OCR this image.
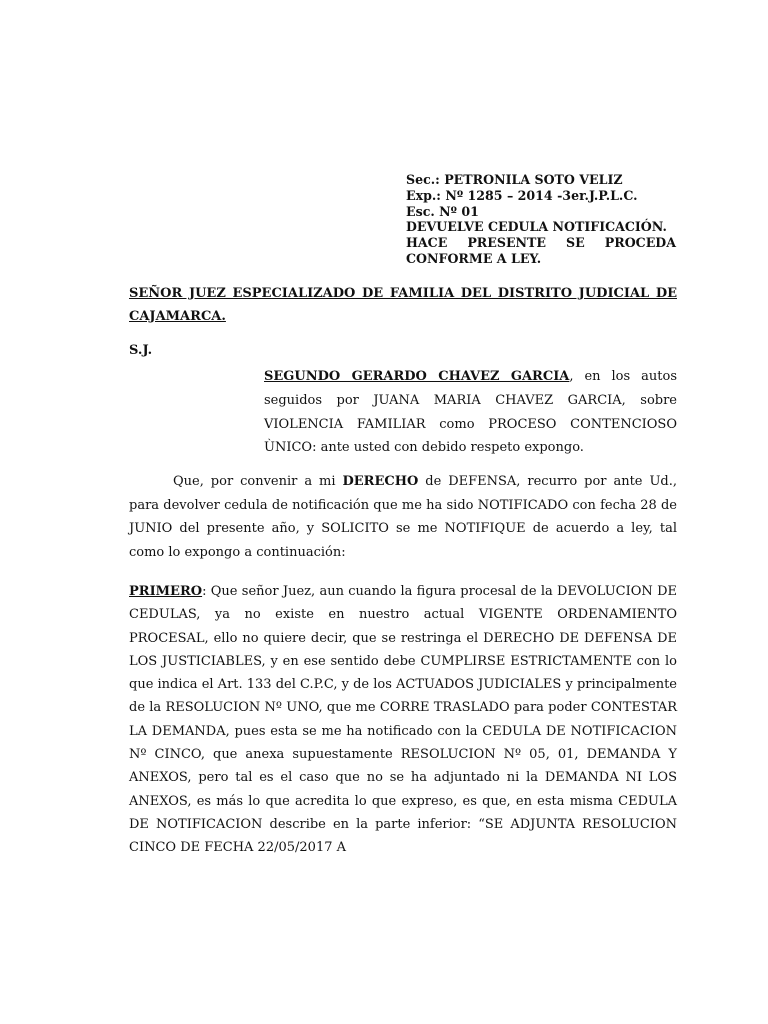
Sec.: PETRONILA SOTO VELIZ
Exp.: Nº 1285 – 2014 -3er.J.P.L.C.
Esc. Nº 01
DEVUELVE CEDULA NOTIFICACIÓN.
HACE PRESENTE SE PROCEDA CONFORME A LEY.
SEÑOR JUEZ ESPECIALIZADO DE FAMILIA DEL DISTRITO JUDICIAL DE CAJAMARCA.
S.J.
SEGUNDO GERARDO CHAVEZ GARCIA, en los autos seguidos por JUANA MARIA CHAVEZ GARCIA, sobre VIOLENCIA FAMILIAR como PROCESO CONTENCIOSO ÙNICO: ante usted con debido respeto expongo.
Que, por convenir a mi DERECHO de DEFENSA, recurro por ante Ud., para devolver cedula de notificación que me ha sido NOTIFICADO con fecha 28 de JUNIO del presente año, y SOLICITO se me NOTIFIQUE de acuerdo a ley, tal como lo expongo a continuación:
PRIMERO: Que señor Juez, aun cuando la figura procesal de la DEVOLUCION DE CEDULAS, ya no existe en nuestro actual VIGENTE ORDENAMIENTO PROCESAL, ello no quiere decir, que se restringa el DERECHO DE DEFENSA DE LOS JUSTICIABLES, y en ese sentido debe CUMPLIRSE ESTRICTAMENTE con lo que indica el Art. 133 del C.P.C, y de los ACTUADOS JUDICIALES y principalmente de la RESOLUCION Nº UNO, que me CORRE TRASLADO para poder CONTESTAR LA DEMANDA, pues esta se me ha notificado con la CEDULA DE NOTIFICACION Nº CINCO, que anexa supuestamente RESOLUCION Nº 05, 01, DEMANDA Y ANEXOS, pero tal es el caso que no se ha adjuntado ni la DEMANDA NI LOS ANEXOS, es más lo que acredita lo que expreso, es que, en esta misma CEDULA DE NOTIFICACION describe en la parte inferior: “SE ADJUNTA RESOLUCION CINCO DE FECHA 22/05/2017 A
